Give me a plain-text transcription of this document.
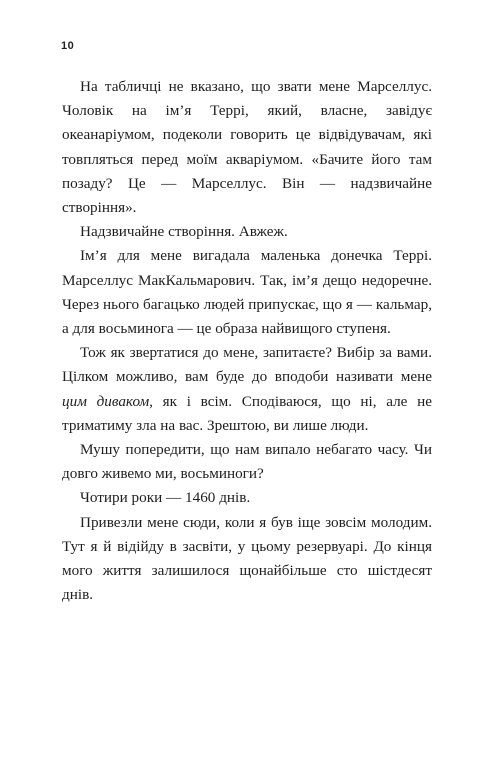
10

На табличці не вказано, що звати мене Марселлус. Чоловік на ім’я Террі, який, власне, завідує океанаріумом, подеколи говорить це відвідувачам, які товпляться перед моїм акваріумом. «Бачите його там позаду? Це — Марселлус. Він — надзвичайне створіння».

Надзвичайне створіння. Авжеж.

Ім’я для мене вигадала маленька донечка Террі. Марселлус МакКальмарович. Так, ім’я дещо недоречне. Через нього багацько людей припускає, що я — кальмар, а для восьминога — це образа найвищого ступеня.

Тож як звертатися до мене, запитаєте? Вибір за вами. Цілком можливо, вам буде до вподоби називати мене цим диваком, як і всім. Сподіваюся, що ні, але не триматиму зла на вас. Зрештою, ви лише люди.

Мушу попередити, що нам випало небагато часу. Чи довго живемо ми, восьминоги?

Чотири роки — 1460 днів.

Привезли мене сюди, коли я був іще зовсім молодим. Тут я й відійду в засвіти, у цьому резервуарі. До кінця мого життя залишилося щонайбільше сто шістдесят днів.
